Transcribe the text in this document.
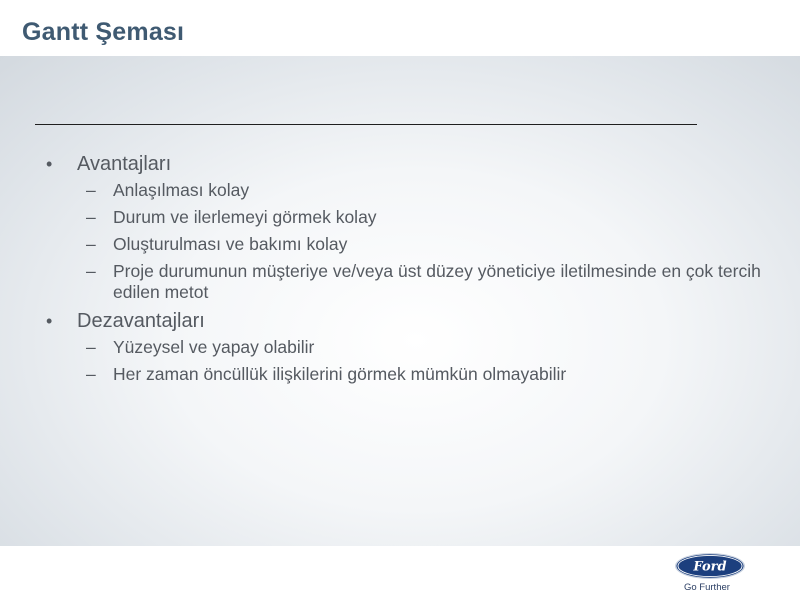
Gantt Şeması
• Avantajları
– Anlaşılması kolay
– Durum ve ilerlemeyi görmek kolay
– Oluşturulması ve bakımı kolay
– Proje durumunun müşteriye ve/veya üst düzey yöneticiye iletilmesinde en çok tercih edilen metot
• Dezavantajları
– Yüzeysel ve yapay olabilir
– Her zaman öncüllük ilişkilerini görmek mümkün olmayabilir
Ford
Go Further
